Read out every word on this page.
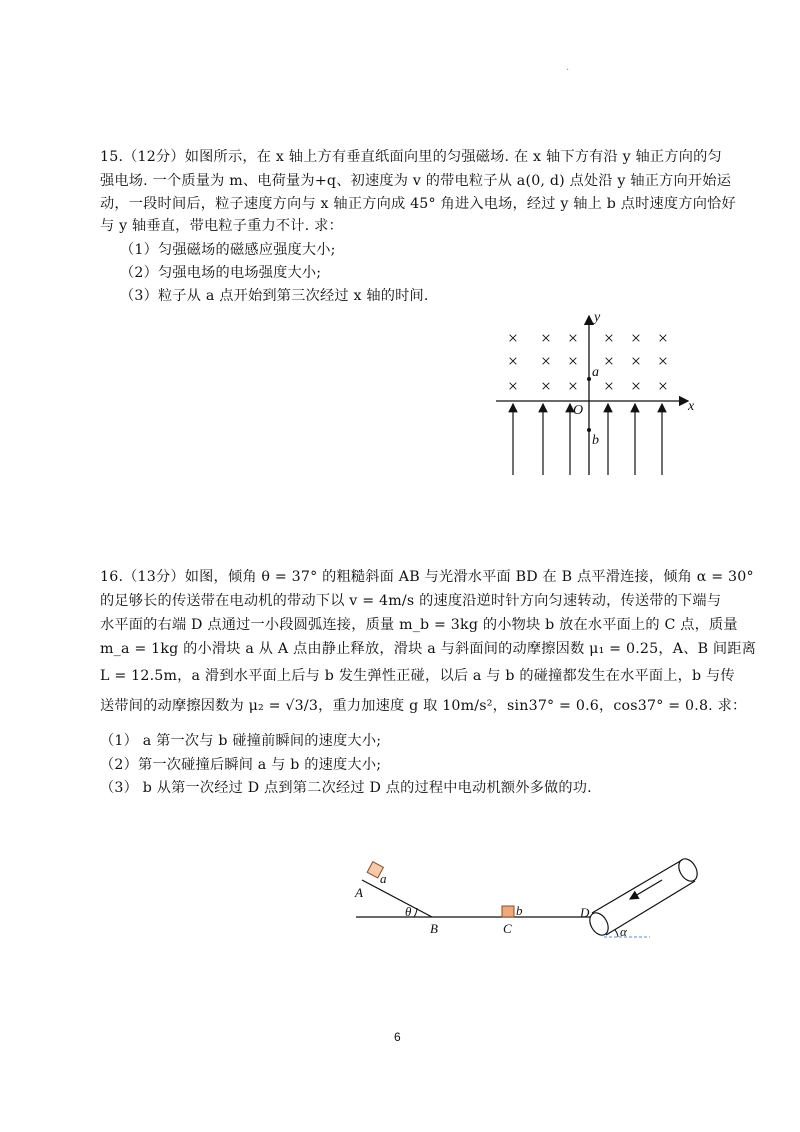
.
15.（12分）如图所示，在 x 轴上方有垂直纸面向里的匀强磁场. 在 x 轴下方有沿 y 轴正方向的匀
强电场. 一个质量为 m、电荷量为+q、初速度为 v 的带电粒子从 a(0, d) 点处沿 y 轴正方向开始运
动，一段时间后，粒子速度方向与 x 轴正方向成 45° 角进入电场，经过 y 轴上 b 点时速度方向恰好
与 y 轴垂直，带电粒子重力不计. 求：
（1）匀强磁场的磁感应强度大小;
（2）匀强电场的电场强度大小;
（3）粒子从 a 点开始到第三次经过 x 轴的时间.
× × × × × ×
× × × × × ×
× × × × × ×
y
x
O
a
b
16.（13分）如图，倾角 θ = 37° 的粗糙斜面 AB 与光滑水平面 BD 在 B 点平滑连接，倾角 α = 30°
的足够长的传送带在电动机的带动下以 v = 4m/s 的速度沿逆时针方向匀速转动，传送带的下端与
水平面的右端 D 点通过一小段圆弧连接，质量 m_b = 3kg 的小物块 b 放在水平面上的 C 点，质量
m_a = 1kg 的小滑块 a 从 A 点由静止释放，滑块 a 与斜面间的动摩擦因数 μ₁ = 0.25，A、B 间距离
L = 12.5m，a 滑到水平面上后与 b 发生弹性正碰，以后 a 与 b 的碰撞都发生在水平面上，b 与传
送带间的动摩擦因数为 μ₂ = √3/3，重力加速度 g 取 10m/s²，sin37° = 0.6，cos37° = 0.8. 求：
（1） a 第一次与 b 碰撞前瞬间的速度大小;
（2）第一次碰撞后瞬间 a 与 b 的速度大小;
（3） b 从第一次经过 D 点到第二次经过 D 点的过程中电动机额外多做的功.
A
a
θ
B
b
C
D
α
6
